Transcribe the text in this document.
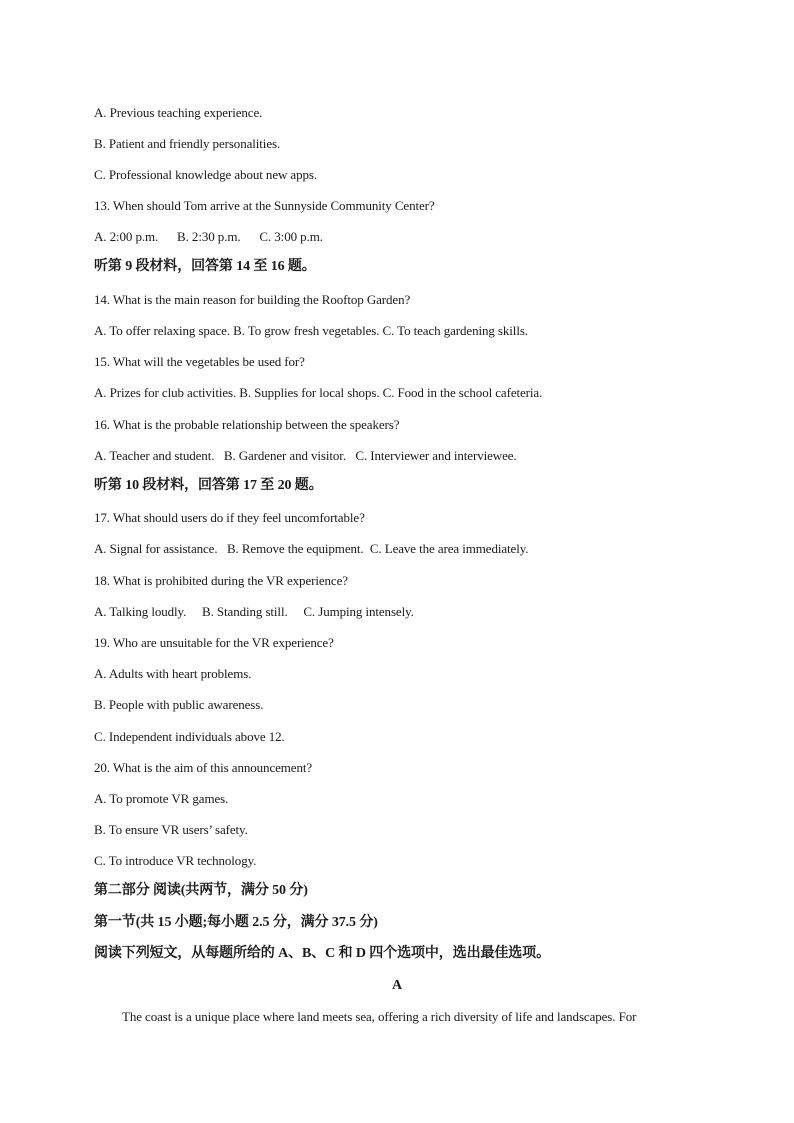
A. Previous teaching experience.
B. Patient and friendly personalities.
C. Professional knowledge about new apps.
13. When should Tom arrive at the Sunnyside Community Center?
A. 2:00 p.m.      B. 2:30 p.m.      C. 3:00 p.m.
听第 9 段材料，回答第 14 至 16 题。
14. What is the main reason for building the Rooftop Garden?
A. To offer relaxing space. B. To grow fresh vegetables. C. To teach gardening skills.
15. What will the vegetables be used for?
A. Prizes for club activities. B. Supplies for local shops. C. Food in the school cafeteria.
16. What is the probable relationship between the speakers?
A. Teacher and student.   B. Gardener and visitor.   C. Interviewer and interviewee.
听第 10 段材料，回答第 17 至 20 题。
17. What should users do if they feel uncomfortable?
A. Signal for assistance.   B. Remove the equipment.  C. Leave the area immediately.
18. What is prohibited during the VR experience?
A. Talking loudly.     B. Standing still.     C. Jumping intensely.
19. Who are unsuitable for the VR experience?
A. Adults with heart problems.
B. People with public awareness.
C. Independent individuals above 12.
20. What is the aim of this announcement?
A. To promote VR games.
B. To ensure VR users’ safety.
C. To introduce VR technology.
第二部分 阅读(共两节，满分 50 分)
第一节(共 15 小题;每小题 2.5 分，满分 37.5 分)
阅读下列短文，从每题所给的 A、B、C 和 D 四个选项中，选出最佳选项。
A
The coast is a unique place where land meets sea, offering a rich diversity of life and landscapes. For
